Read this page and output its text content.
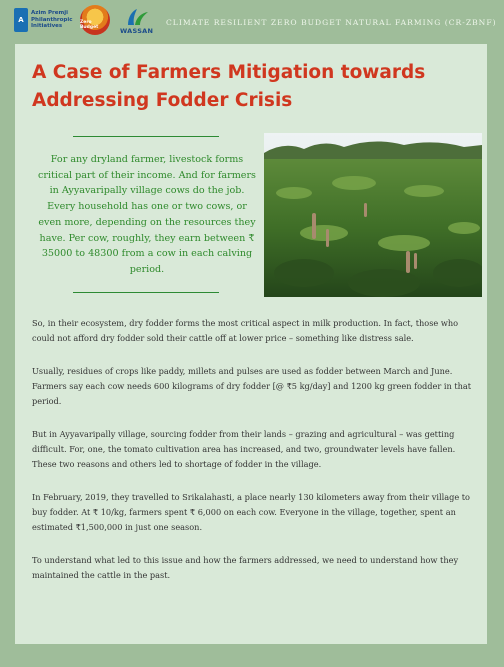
A
Azim Premji Philanthropic Initiatives
Zero Budget	WASSAN
CLIMATE RESILIENT ZERO BUDGET NATURAL FARMING (CR-ZBNF)
A Case of Farmers Mitigation towards Addressing Fodder Crisis
For any dryland farmer, livestock forms critical part of their income. And for farmers in Ayyavaripally village cows do the job. Every household has one or two cows, or even more, depending on the resources they have. Per cow, roughly, they earn between ₹ 35000 to 48300 from a cow in each calving period.

So, in their ecosystem, dry fodder forms the most critical aspect in milk production. In fact, those who could not afford dry fodder sold their cattle off at lower price – something like distress sale.

Usually, residues of crops like paddy, millets and pulses are used as fodder between March and June. Farmers say each cow needs 600 kilograms of dry fodder [@ ₹5 kg/day] and 1200 kg green fodder in that period.

But in Ayyavaripally village, sourcing fodder from their lands – grazing and agricultural – was getting difficult. For, one, the tomato cultivation area has increased, and two, groundwater levels have fallen. These two reasons and others led to shortage of fodder in the village.

In February, 2019, they travelled to Srikalahasti, a place nearly 130 kilometers away from their village to buy fodder. At ₹ 10/kg, farmers spent ₹ 6,000 on each cow. Everyone in the village, together, spent an estimated ₹1,500,000 in just one season.

To understand what led to this issue and how the farmers addressed, we need to understand how they maintained the cattle in the past.
